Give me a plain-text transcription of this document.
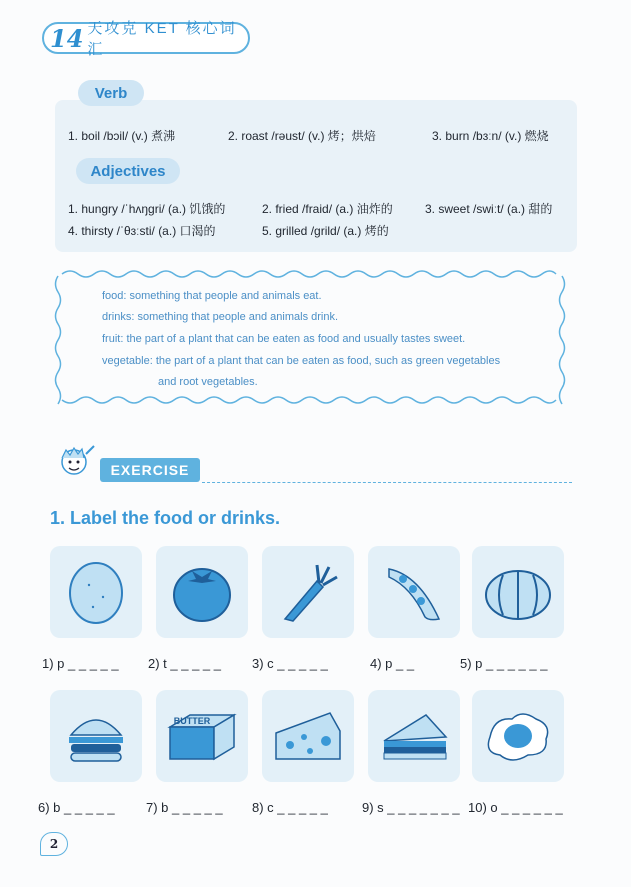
14 天攻克 KET 核心词汇
Verb
1. boil /bɔil/ (v.) 煮沸	2. roast /rəust/ (v.) 烤；烘焙	3. burn /bɜːn/ (v.) 燃烧
Adjectives
1. hungry /ˈhʌŋgri/ (a.) 饥饿的	2. fried /fraid/ (a.) 油炸的	3. sweet /swiːt/ (a.) 甜的
4. thirsty /ˈθɜːsti/ (a.) 口渴的	5. grilled /grild/ (a.) 烤的
food: something that people and animals eat.
drinks: something that people and animals drink.
fruit: the part of a plant that can be eaten as food and usually tastes sweet.
vegetable: the part of a plant that can be eaten as food, such as green vegetables
and root vegetables.
EXERCISE
1. Label the food or drinks.
1) p _ _ _ _ _ 2) t _ _ _ _ _ 3) c _ _ _ _ _	4) p _ _	5) p _ _ _ _ _ _
BUTTER
6) b _ _ _ _ _ 7) b _ _ _ _ _ 8) c _ _ _ _ _	9) s _ _ _ _ _ _ _ 10) o _ _ _ _ _ _
2
